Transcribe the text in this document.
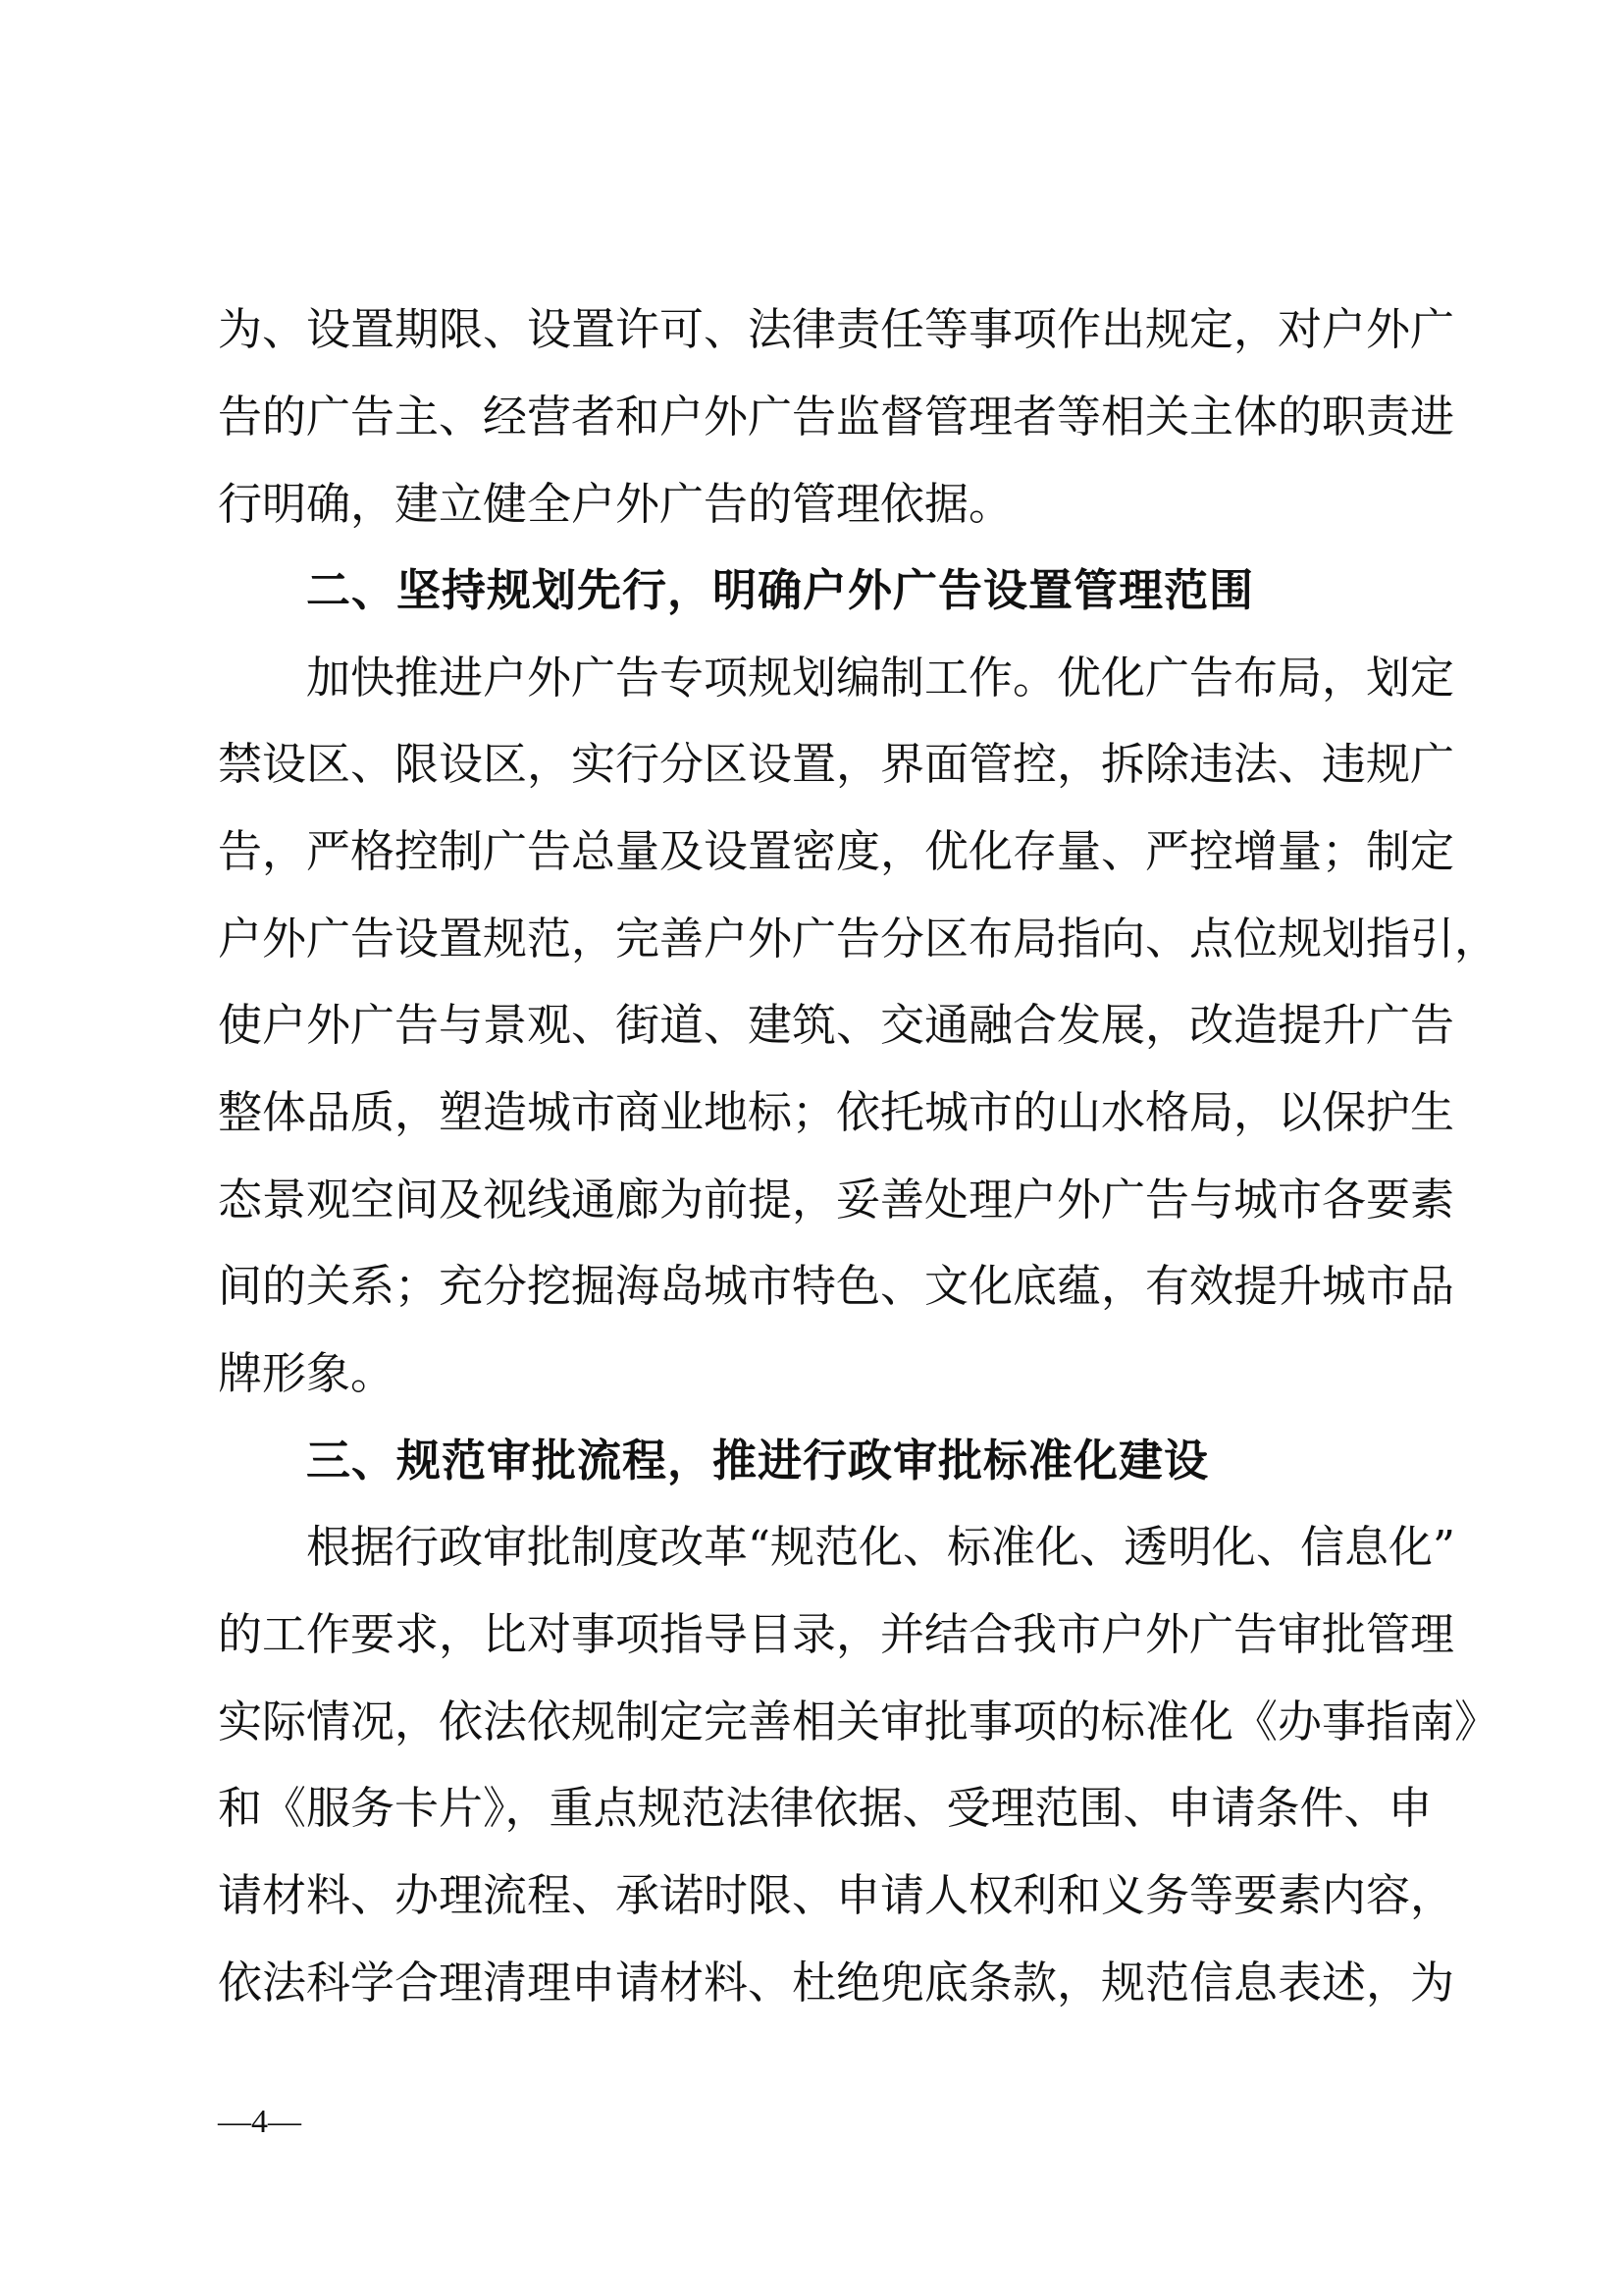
为、设置期限、设置许可、法律责任等事项作出规定，对户外广
告的广告主、经营者和户外广告监督管理者等相关主体的职责进
行明确，建立健全户外广告的管理依据。
二、坚持规划先行，明确户外广告设置管理范围
加快推进户外广告专项规划编制工作。优化广告布局，划定
禁设区、限设区，实行分区设置，界面管控，拆除违法、违规广
告，严格控制广告总量及设置密度，优化存量、严控增量；制定
户外广告设置规范，完善户外广告分区布局指向、点位规划指引，
使户外广告与景观、街道、建筑、交通融合发展，改造提升广告
整体品质，塑造城市商业地标；依托城市的山水格局，以保护生
态景观空间及视线通廊为前提，妥善处理户外广告与城市各要素
间的关系；充分挖掘海岛城市特色、文化底蕴，有效提升城市品
牌形象。
三、规范审批流程，推进行政审批标准化建设
根据行政审批制度改革“规范化、标准化、透明化、信息化”
的工作要求，比对事项指导目录，并结合我市户外广告审批管理
实际情况，依法依规制定完善相关审批事项的标准化《办事指南》
和《服务卡片》，重点规范法律依据、受理范围、申请条件、申
请材料、办理流程、承诺时限、申请人权利和义务等要素内容，
依法科学合理清理申请材料、杜绝兜底条款，规范信息表述，为
—4—
